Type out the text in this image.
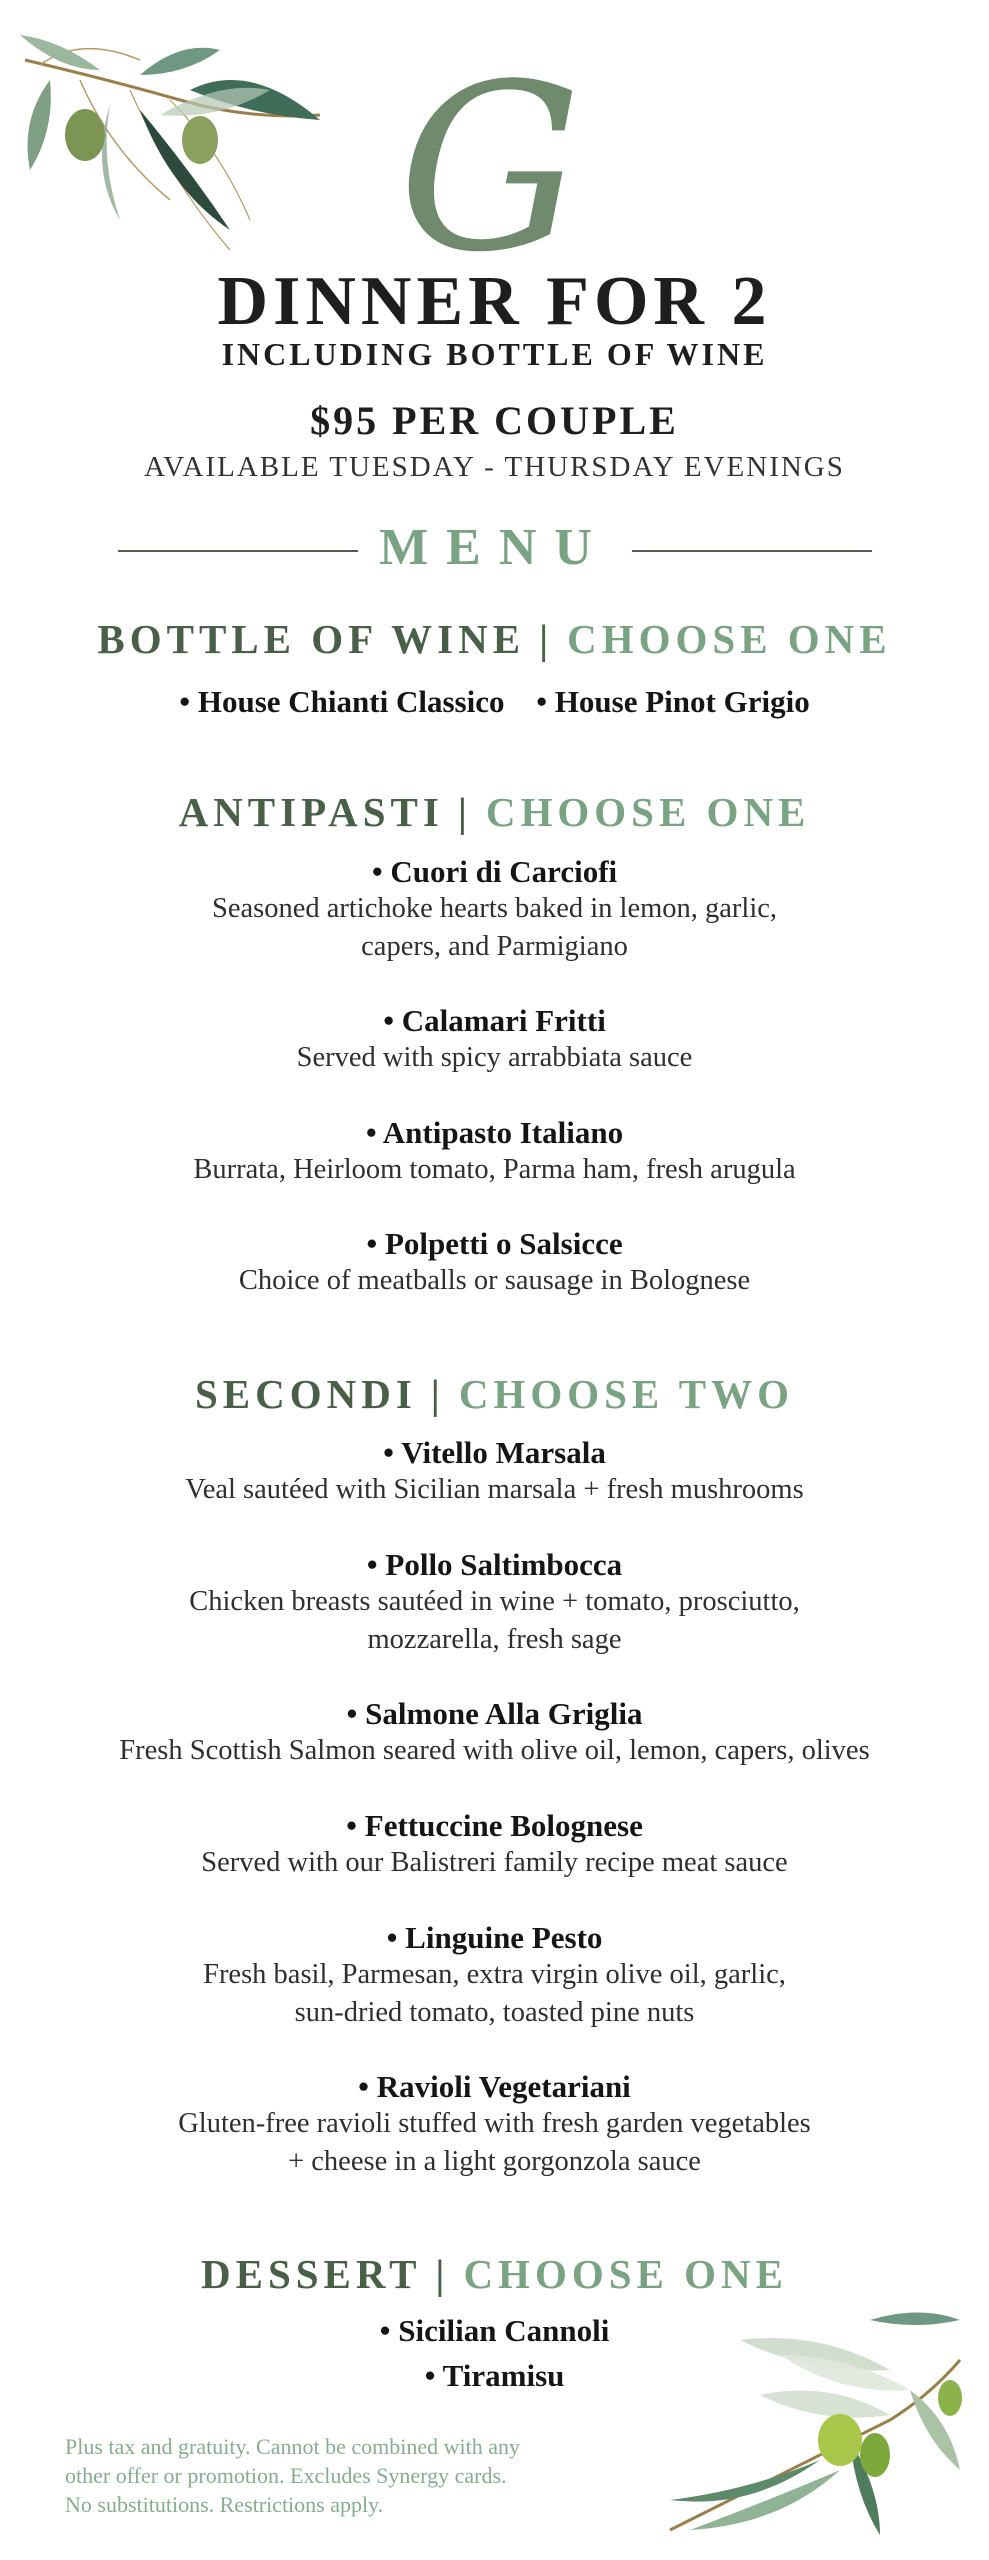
G
DINNER FOR 2
INCLUDING BOTTLE OF WINE
$95 PER COUPLE
AVAILABLE TUESDAY - THURSDAY EVENINGS
MENU
BOTTLE OF WINE | CHOOSE ONE
• House Chianti Classico • House Pinot Grigio
ANTIPASTI | CHOOSE ONE
• Cuori di Carciofi
Seasoned artichoke hearts baked in lemon, garlic,
capers, and Parmigiano
• Calamari Fritti
Served with spicy arrabbiata sauce
• Antipasto Italiano
Burrata, Heirloom tomato, Parma ham, fresh arugula
• Polpetti o Salsicce
Choice of meatballs or sausage in Bolognese
SECONDI | CHOOSE TWO
• Vitello Marsala
Veal sautéed with Sicilian marsala + fresh mushrooms
• Pollo Saltimbocca
Chicken breasts sautéed in wine + tomato, prosciutto,
mozzarella, fresh sage
• Salmone Alla Griglia
Fresh Scottish Salmon seared with olive oil, lemon, capers, olives
• Fettuccine Bolognese
Served with our Balistreri family recipe meat sauce
• Linguine Pesto
Fresh basil, Parmesan, extra virgin olive oil, garlic,
sun-dried tomato, toasted pine nuts
• Ravioli Vegetariani
Gluten-free ravioli stuffed with fresh garden vegetables
+ cheese in a light gorgonzola sauce
DESSERT | CHOOSE ONE
• Sicilian Cannoli
• Tiramisu
Plus tax and gratuity. Cannot be combined with any
other offer or promotion. Excludes Synergy cards.
No substitutions. Restrictions apply.
